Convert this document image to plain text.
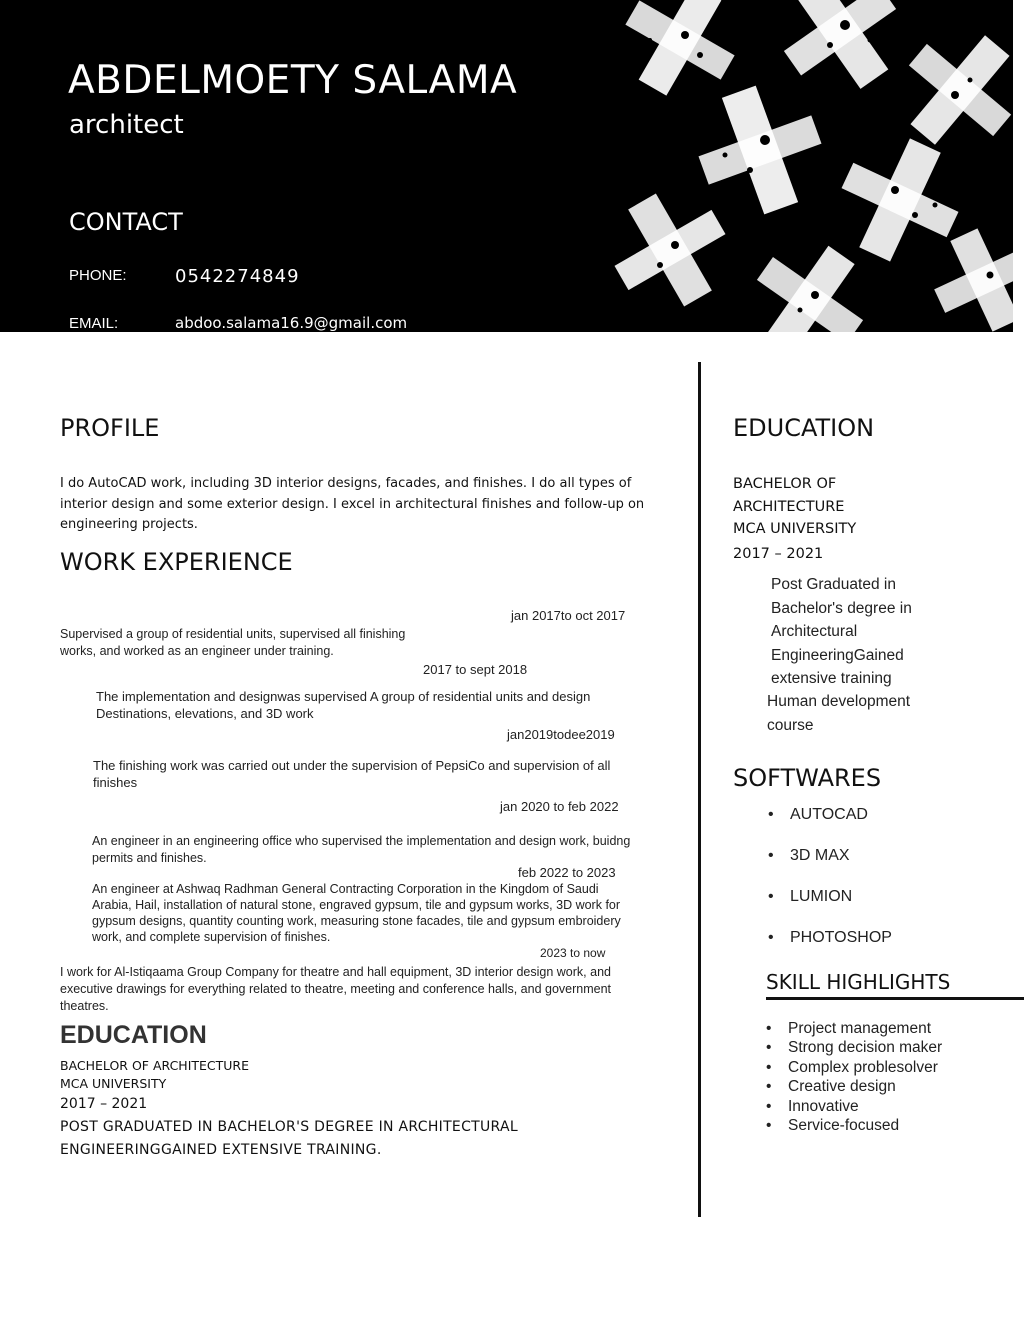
ABDELMOETY SALAMA
architect
CONTACT
PHONE:	0542274849
EMAIL:	abdoo.salama16.9@gmail.com
PROFILE
I do AutoCAD work, including 3D interior designs, facades, and finishes. I do all types of interior design and some exterior design. I excel in architectural finishes and follow-up on engineering projects.
WORK EXPERIENCE
jan 2017to oct 2017
Supervised a group of residential units, supervised all finishing works, and worked as an engineer under training.
2017 to sept 2018
The implementation and designwas supervised A group of residential units and design Destinations, elevations, and 3D work
jan2019todee2019
The finishing work was carried out under the supervision of PepsiCo and supervision of all finishes
jan 2020 to feb 2022
An engineer in an engineering office who supervised the implementation and design work, buidng permits and finishes.
feb 2022 to 2023
An engineer at Ashwaq Radhman General Contracting Corporation in the Kingdom of Saudi Arabia, Hail, installation of natural stone, engraved gypsum, tile and gypsum works, 3D work for gypsum designs, quantity counting work, measuring stone facades, tile and gypsum embroidery work, and complete supervision of finishes.
2023 to now
I work for Al-Istiqaama Group Company for theatre and hall equipment, 3D interior design work, and executive drawings for everything related to theatre, meeting and conference halls, and government theatres.
EDUCATION
BACHELOR OF ARCHITECTURE
MCA UNIVERSITY
2017 – 2021
POST GRADUATED IN BACHELOR'S DEGREE IN ARCHITECTURAL
ENGINEERINGGAINED EXTENSIVE TRAINING.
EDUCATION
BACHELOR OF
ARCHITECTURE
MCA UNIVERSITY
2017 – 2021
Post Graduated in Bachelor's degree in Architectural EngineeringGained extensive training
Human development course
SOFTWARES
• AUTOCAD
• 3D MAX
• LUMION
• PHOTOSHOP
SKILL HIGHLIGHTS
• Project management
• Strong decision maker
• Complex problesolver
• Creative design
• Innovative
• Service-focused
